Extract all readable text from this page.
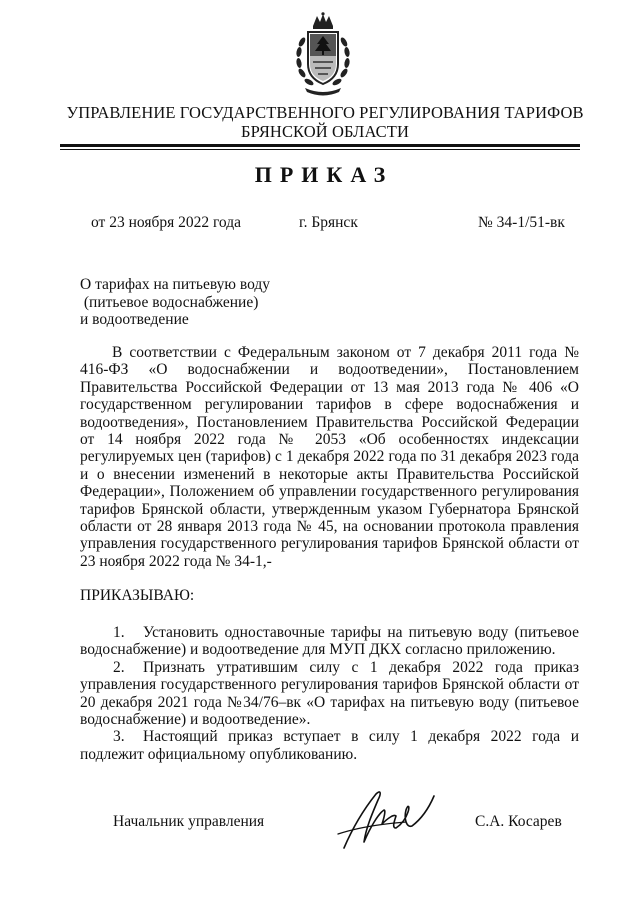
УПРАВЛЕНИЕ ГОСУДАРСТВЕННОГО РЕГУЛИРОВАНИЯ ТАРИФОВ
БРЯНСКОЙ ОБЛАСТИ
ПРИКАЗ
от 23 ноября 2022 года	г. Брянск	№ 34-1/51-вк
О тарифах на питьевую воду
(питьевое водоснабжение)
и водоотведение
В соответствии с Федеральным законом от 7 декабря 2011 года № 416-ФЗ «О водоснабжении и водоотведении», Постановлением Правительства Российской Федерации от 13 мая 2013 года № 406 «О государственном регулировании тарифов в сфере водоснабжения и водоотведения», Постановлением Правительства Российской Федерации от 14 ноября 2022 года № 2053 «Об особенностях индексации регулируемых цен (тарифов) с 1 декабря 2022 года по 31 декабря 2023 года и о внесении изменений в некоторые акты Правительства Российской Федерации», Положением об управлении государственного регулирования тарифов Брянской области, утвержденным указом Губернатора Брянской области от 28 января 2013 года № 45, на основании протокола правления управления государственного регулирования тарифов Брянской области от 23 ноября 2022 года № 34-1,-
ПРИКАЗЫВАЮ:
1. Установить одноставочные тарифы на питьевую воду (питьевое водоснабжение) и водоотведение для МУП ДКХ согласно приложению.
2. Признать утратившим силу с 1 декабря 2022 года приказ управления государственного регулирования тарифов Брянской области от 20 декабря 2021 года №34/76–вк «О тарифах на питьевую воду (питьевое водоснабжение) и водоотведение».
3. Настоящий приказ вступает в силу 1 декабря 2022 года и подлежит официальному опубликованию.
Начальник управления	С.А. Косарев
